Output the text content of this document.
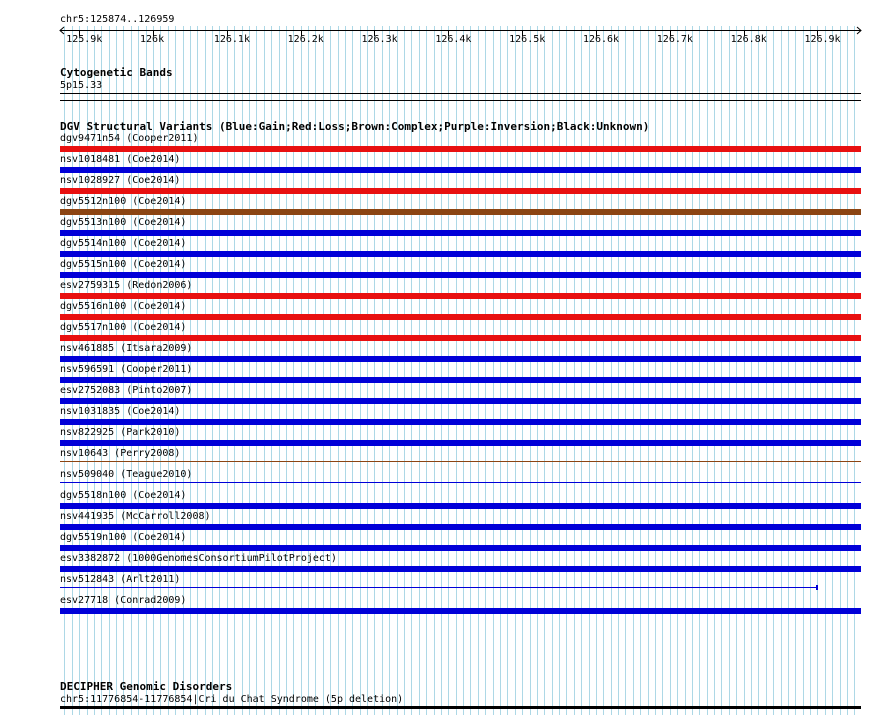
chr5:125874..126959
125.9k	126k	126.1k	126.2k	126.3k	126.4k	126.5k	126.6k	126.7k	126.8k	126.9k
Cytogenetic Bands
5p15.33
DGV Structural Variants (Blue:Gain;Red:Loss;Brown:Complex;Purple:Inversion;Black:Unknown)
dgv9471n54 (Cooper2011)
nsv1018481 (Coe2014)
nsv1028927 (Coe2014)
dgv5512n100 (Coe2014)
dgv5513n100 (Coe2014)
dgv5514n100 (Coe2014)
dgv5515n100 (Coe2014)
esv2759315 (Redon2006)
dgv5516n100 (Coe2014)
dgv5517n100 (Coe2014)
nsv461885 (Itsara2009)
nsv596591 (Cooper2011)
esv2752083 (Pinto2007)
nsv1031835 (Coe2014)
nsv822925 (Park2010)
nsv10643 (Perry2008)
nsv509040 (Teague2010)
dgv5518n100 (Coe2014)
nsv441935 (McCarroll2008)
dgv5519n100 (Coe2014)
esv3382872 (1000GenomesConsortiumPilotProject)
nsv512843 (Arlt2011)
esv27718 (Conrad2009)
DECIPHER Genomic Disorders
chr5:11776854-11776854|Cri du Chat Syndrome (5p deletion)
